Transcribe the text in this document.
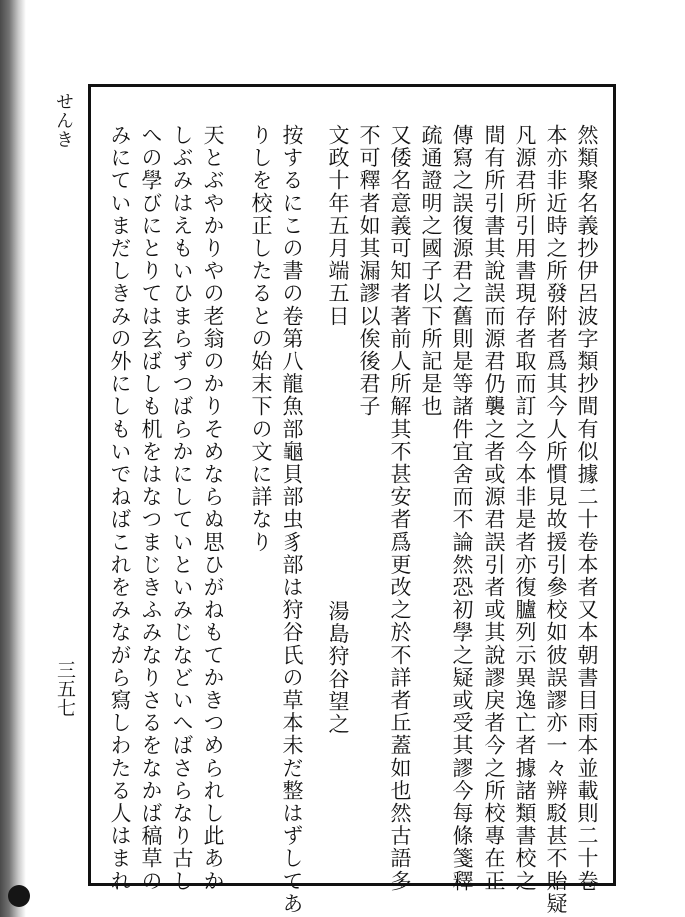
せんき
三五七	然類聚名義抄伊呂波字類抄間有似據二十卷本者又本朝書目雨本並載則二十卷
本亦非近時之所發附者爲其今人所慣見故援引參校如彼誤謬亦一々辨駁甚不貽疑
凡源君所引用書現存者取而訂之今本非是者亦復臚列示異逸亡者據諸類書校之
間有所引書其說誤而源君仍襲之者或源君誤引者或其說謬戾者今之所校專在正
傳寫之誤復源君之舊則是等諸件宜舍而不論然恐初學之疑或受其謬今每條箋釋
疏通證明之國子以下所記是也
又倭名意義可知者著前人所解其不甚安者爲更改之於不詳者丘蓋如也然古語多
不可釋者如其漏謬以俟後君子
文政十年五月端五日
湯島狩谷望之
按するにこの書の卷第八龍魚部龜貝部虫豸部は狩谷氏の草本未だ整はずしてあ
りしを校正したるとの始末下の文に詳なり
天とぶやかりやの老翁のかりそめならぬ思ひがねもてかきつめられし此あか
しぶみはえもいひまらずつばらかにしていといみじなどいへばさらなり古し
への學びにとりては玄ばしも机をはなつまじきふみなりさるをなかば稿草の
みにていまだしきみの外にしもいでねばこれをみながら寫しわたる人はまれ
